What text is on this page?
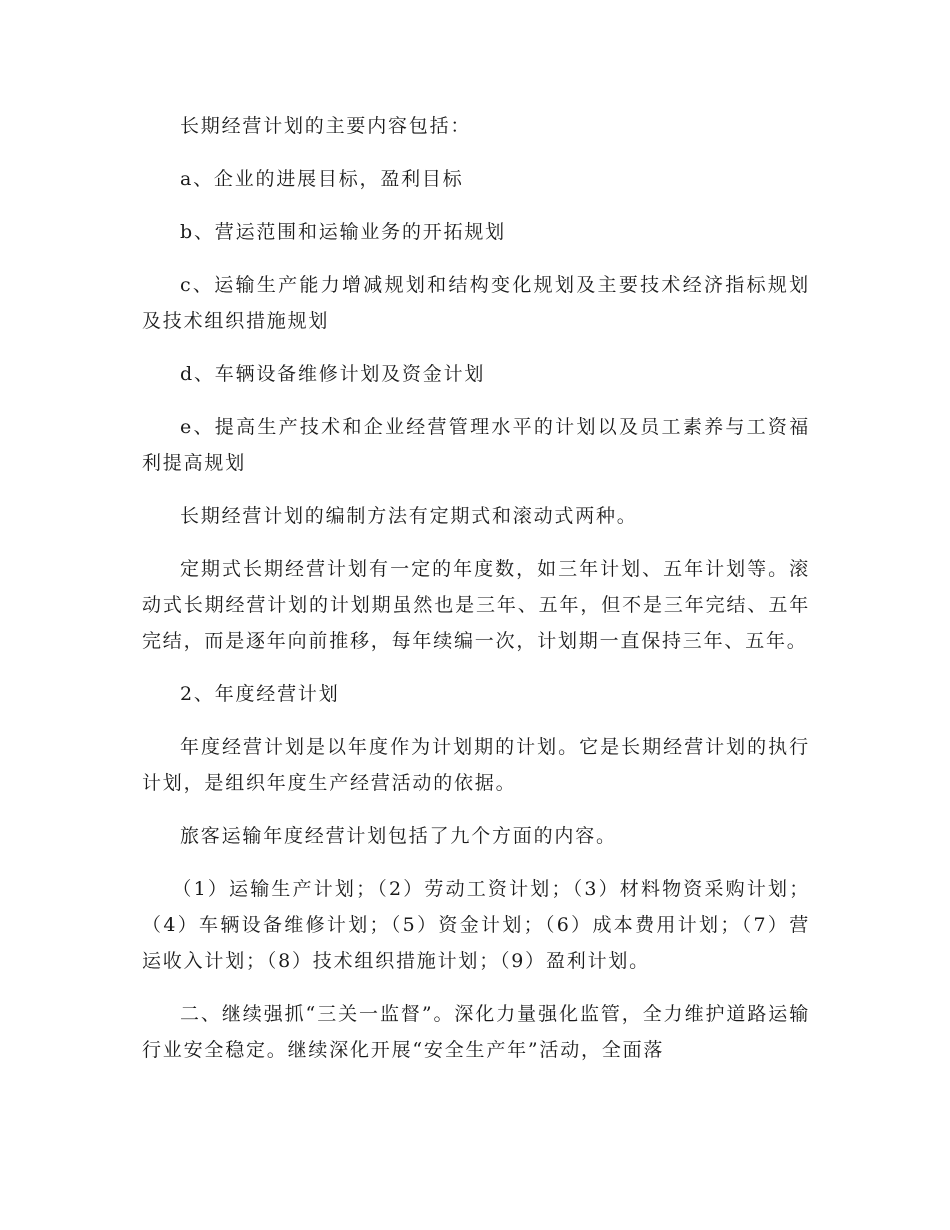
长期经营计划的主要内容包括：

a、企业的进展目标，盈利目标

b、营运范围和运输业务的开拓规划

c、运输生产能力增减规划和结构变化规划及主要技术经济指标规划及技术组织措施规划

d、车辆设备维修计划及资金计划

e、提高生产技术和企业经营管理水平的计划以及员工素养与工资福利提高规划

长期经营计划的编制方法有定期式和滚动式两种。

定期式长期经营计划有一定的年度数，如三年计划、五年计划等。滚动式长期经营计划的计划期虽然也是三年、五年，但不是三年完结、五年完结，而是逐年向前推移，每年续编一次，计划期一直保持三年、五年。

2、年度经营计划

年度经营计划是以年度作为计划期的计划。它是长期经营计划的执行计划，是组织年度生产经营活动的依据。

旅客运输年度经营计划包括了九个方面的内容。

（1）运输生产计划；（2）劳动工资计划；（3）材料物资采购计划；（4）车辆设备维修计划；（5）资金计划；（6）成本费用计划；（7）营运收入计划；（8）技术组织措施计划；（9）盈利计划。

二、继续强抓“三关一监督”。深化力量强化监管，全力维护道路运输行业安全稳定。继续深化开展“安全生产年”活动，全面落
